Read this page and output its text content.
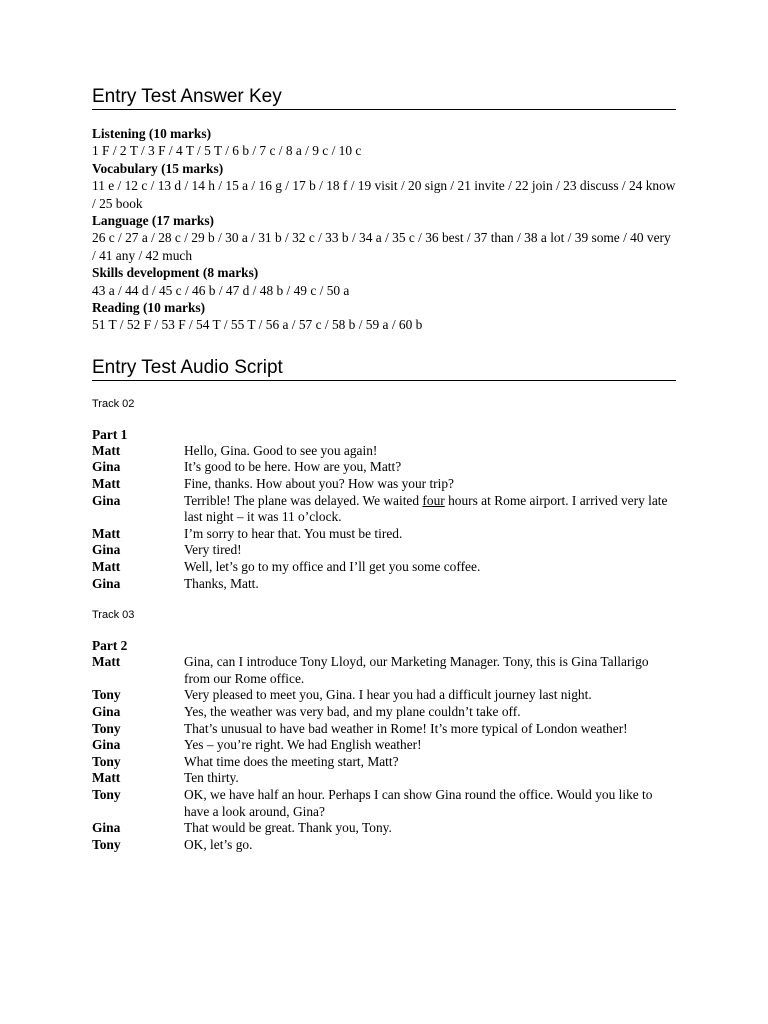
Entry Test Answer Key
Listening (10 marks)
1 F / 2 T / 3 F / 4 T / 5 T / 6 b / 7 c / 8 a / 9 c / 10 c
Vocabulary (15 marks)
11 e / 12 c / 13 d / 14 h / 15 a / 16 g / 17 b / 18 f / 19 visit / 20 sign / 21 invite / 22 join / 23 discuss / 24 know / 25 book
Language (17 marks)
26 c / 27 a / 28 c / 29 b / 30 a / 31 b / 32 c / 33 b / 34 a / 35 c / 36 best / 37 than / 38 a lot / 39 some / 40 very / 41 any / 42 much
Skills development (8 marks)
43 a / 44 d / 45 c / 46 b / 47 d / 48 b / 49 c / 50 a
Reading (10 marks)
51 T / 52 F / 53 F / 54 T / 55 T / 56 a / 57 c / 58 b / 59 a / 60 b
Entry Test Audio Script
Track 02
Part 1
Matt	Hello, Gina. Good to see you again!
Gina	It’s good to be here. How are you, Matt?
Matt	Fine, thanks. How about you? How was your trip?
Gina	Terrible! The plane was delayed. We waited four hours at Rome airport. I arrived very late last night – it was 11 o’clock.
Matt	I’m sorry to hear that. You must be tired.
Gina	Very tired!
Matt	Well, let’s go to my office and I’ll get you some coffee.
Gina	Thanks, Matt.
Track 03
Part 2
Matt	Gina, can I introduce Tony Lloyd, our Marketing Manager. Tony, this is Gina Tallarigo from our Rome office.
Tony	Very pleased to meet you, Gina. I hear you had a difficult journey last night.
Gina	Yes, the weather was very bad, and my plane couldn’t take off.
Tony	That’s unusual to have bad weather in Rome! It’s more typical of London weather!
Gina	Yes – you’re right. We had English weather!
Tony	What time does the meeting start, Matt?
Matt	Ten thirty.
Tony	OK, we have half an hour. Perhaps I can show Gina round the office. Would you like to have a look around, Gina?
Gina	That would be great. Thank you, Tony.
Tony	OK, let’s go.
